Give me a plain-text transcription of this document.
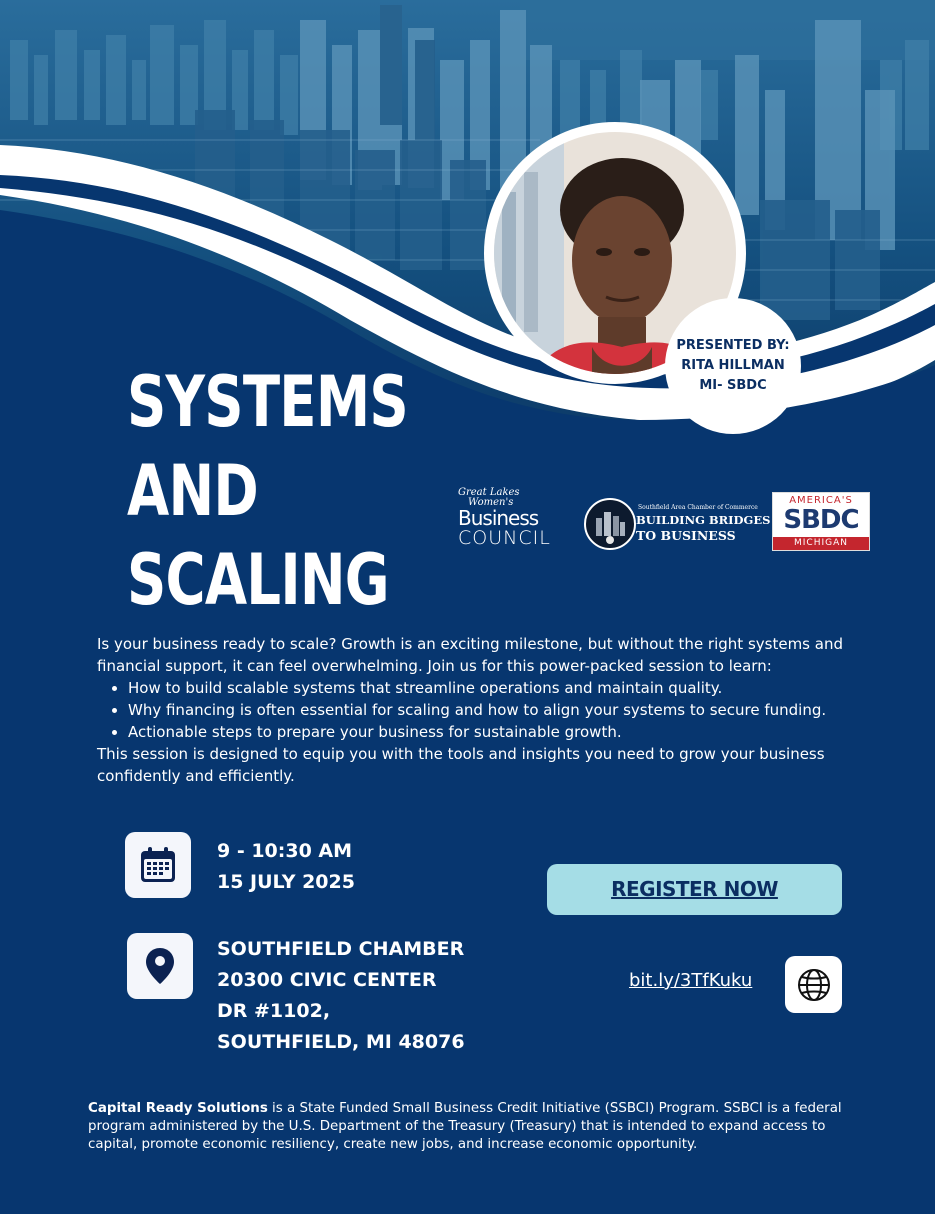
SYSTEMS
AND
SCALING
PRESENTED BY:
RITA HILLMAN
MI- SBDC
Great Lakes
Women's
Business
COUNCIL
Southfield Area Chamber of Commerce
BUILDING BRIDGES
TO BUSINESS
AMERICA'S
SBDC
MICHIGAN

Is your business ready to scale? Growth is an exciting milestone, but without the right systems and financial support, it can feel overwhelming. Join us for this power-packed session to learn:

• How to build scalable systems that streamline operations and maintain quality.
• Why financing is often essential for scaling and how to align your systems to secure funding.
• Actionable steps to prepare your business for sustainable growth.

This session is designed to equip you with the tools and insights you need to grow your business confidently and efficiently.

9 - 10:30 AM
15 JULY 2025
SOUTHFIELD CHAMBER
20300 CIVIC CENTER
DR #1102,
SOUTHFIELD, MI 48076
REGISTER NOW
bit.ly/3TfKuku
Capital Ready Solutions is a State Funded Small Business Credit Initiative (SSBCI) Program. SSBCI is a federal program administered by the U.S. Department of the Treasury (Treasury) that is intended to expand access to capital, promote economic resiliency, create new jobs, and increase economic opportunity.
